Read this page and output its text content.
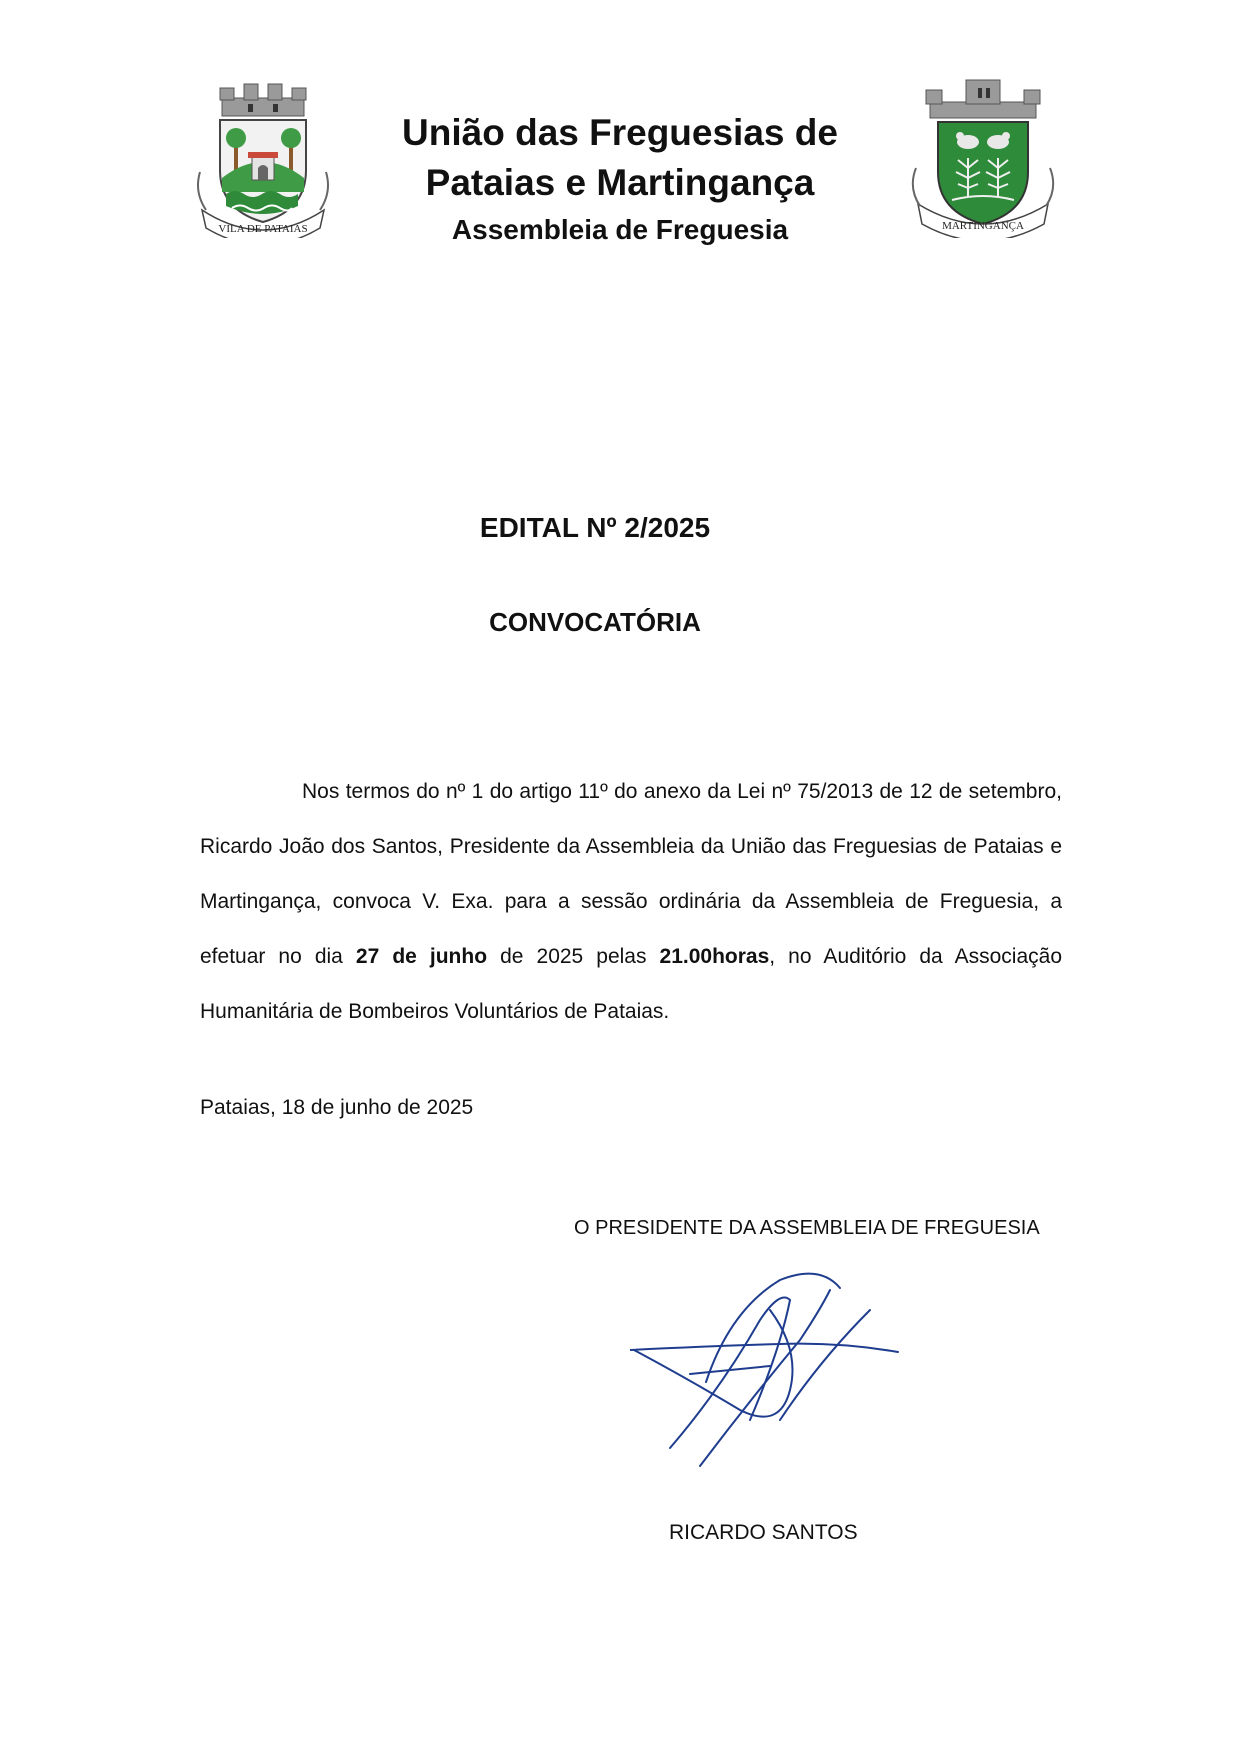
VILA DE PATAIAS	MARTINGANÇA
União das Freguesias de
Pataias e Martingança
Assembleia de Freguesia
EDITAL Nº 2/2025
CONVOCATÓRIA
Nos termos do nº 1 do artigo 11º do anexo da Lei nº 75/2013 de 12 de setembro, Ricardo João dos Santos, Presidente da Assembleia da União das Freguesias de Pataias e Martingança, convoca V. Exa. para a sessão ordinária da Assembleia de Freguesia, a efetuar no dia 27 de junho de 2025 pelas 21.00horas, no Auditório da Associação Humanitária de Bombeiros Voluntários de Pataias.
Pataias, 18 de junho de 2025
O PRESIDENTE DA ASSEMBLEIA DE FREGUESIA
RICARDO SANTOS
